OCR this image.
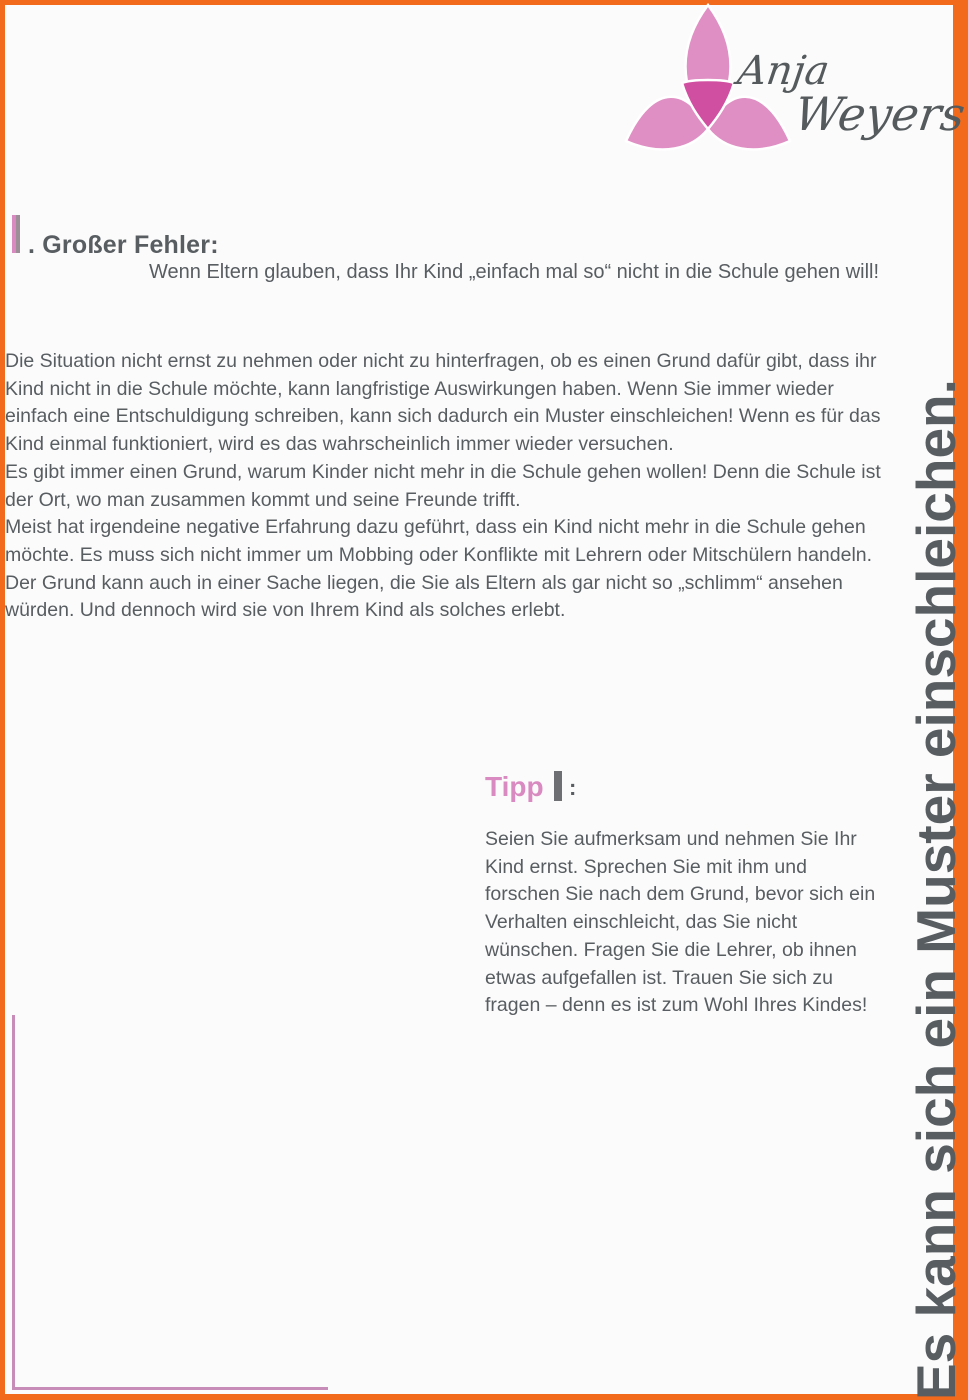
Anja
Weyers
. Großer Fehler:

Wenn Eltern glauben, dass Ihr Kind „einfach mal so“ nicht in die Schule gehen will!

Die Situation nicht ernst zu nehmen oder nicht zu hinterfragen, ob es einen Grund dafür gibt, dass ihr Kind nicht in die Schule möchte, kann langfristige Auswirkungen haben. Wenn Sie immer wieder einfach eine Entschuldigung schreiben, kann sich dadurch ein Muster einschleichen! Wenn es für das Kind einmal funktioniert, wird es das wahrscheinlich immer wieder versuchen.

Es gibt immer einen Grund, warum Kinder nicht mehr in die Schule gehen wollen! Denn die Schule ist der Ort, wo man zusammen kommt und seine Freunde trifft.

Meist hat irgendeine negative Erfahrung dazu geführt, dass ein Kind nicht mehr in die Schule gehen möchte. Es muss sich nicht immer um Mobbing oder Konflikte mit Lehrern oder Mitschülern handeln. Der Grund kann auch in einer Sache liegen, die Sie als Eltern als gar nicht so „schlimm“ ansehen würden. Und dennoch wird sie von Ihrem Kind als solches erlebt.

Tipp :

Seien Sie aufmerksam und nehmen Sie Ihr Kind ernst. Sprechen Sie mit ihm und forschen Sie nach dem Grund, bevor sich ein Verhalten einschleicht, das Sie nicht wünschen. Fragen Sie die Lehrer, ob ihnen etwas aufgefallen ist. Trauen Sie sich zu fragen – denn es ist zum Wohl Ihres Kindes! Es kann sich ein Muster einschleichen.
